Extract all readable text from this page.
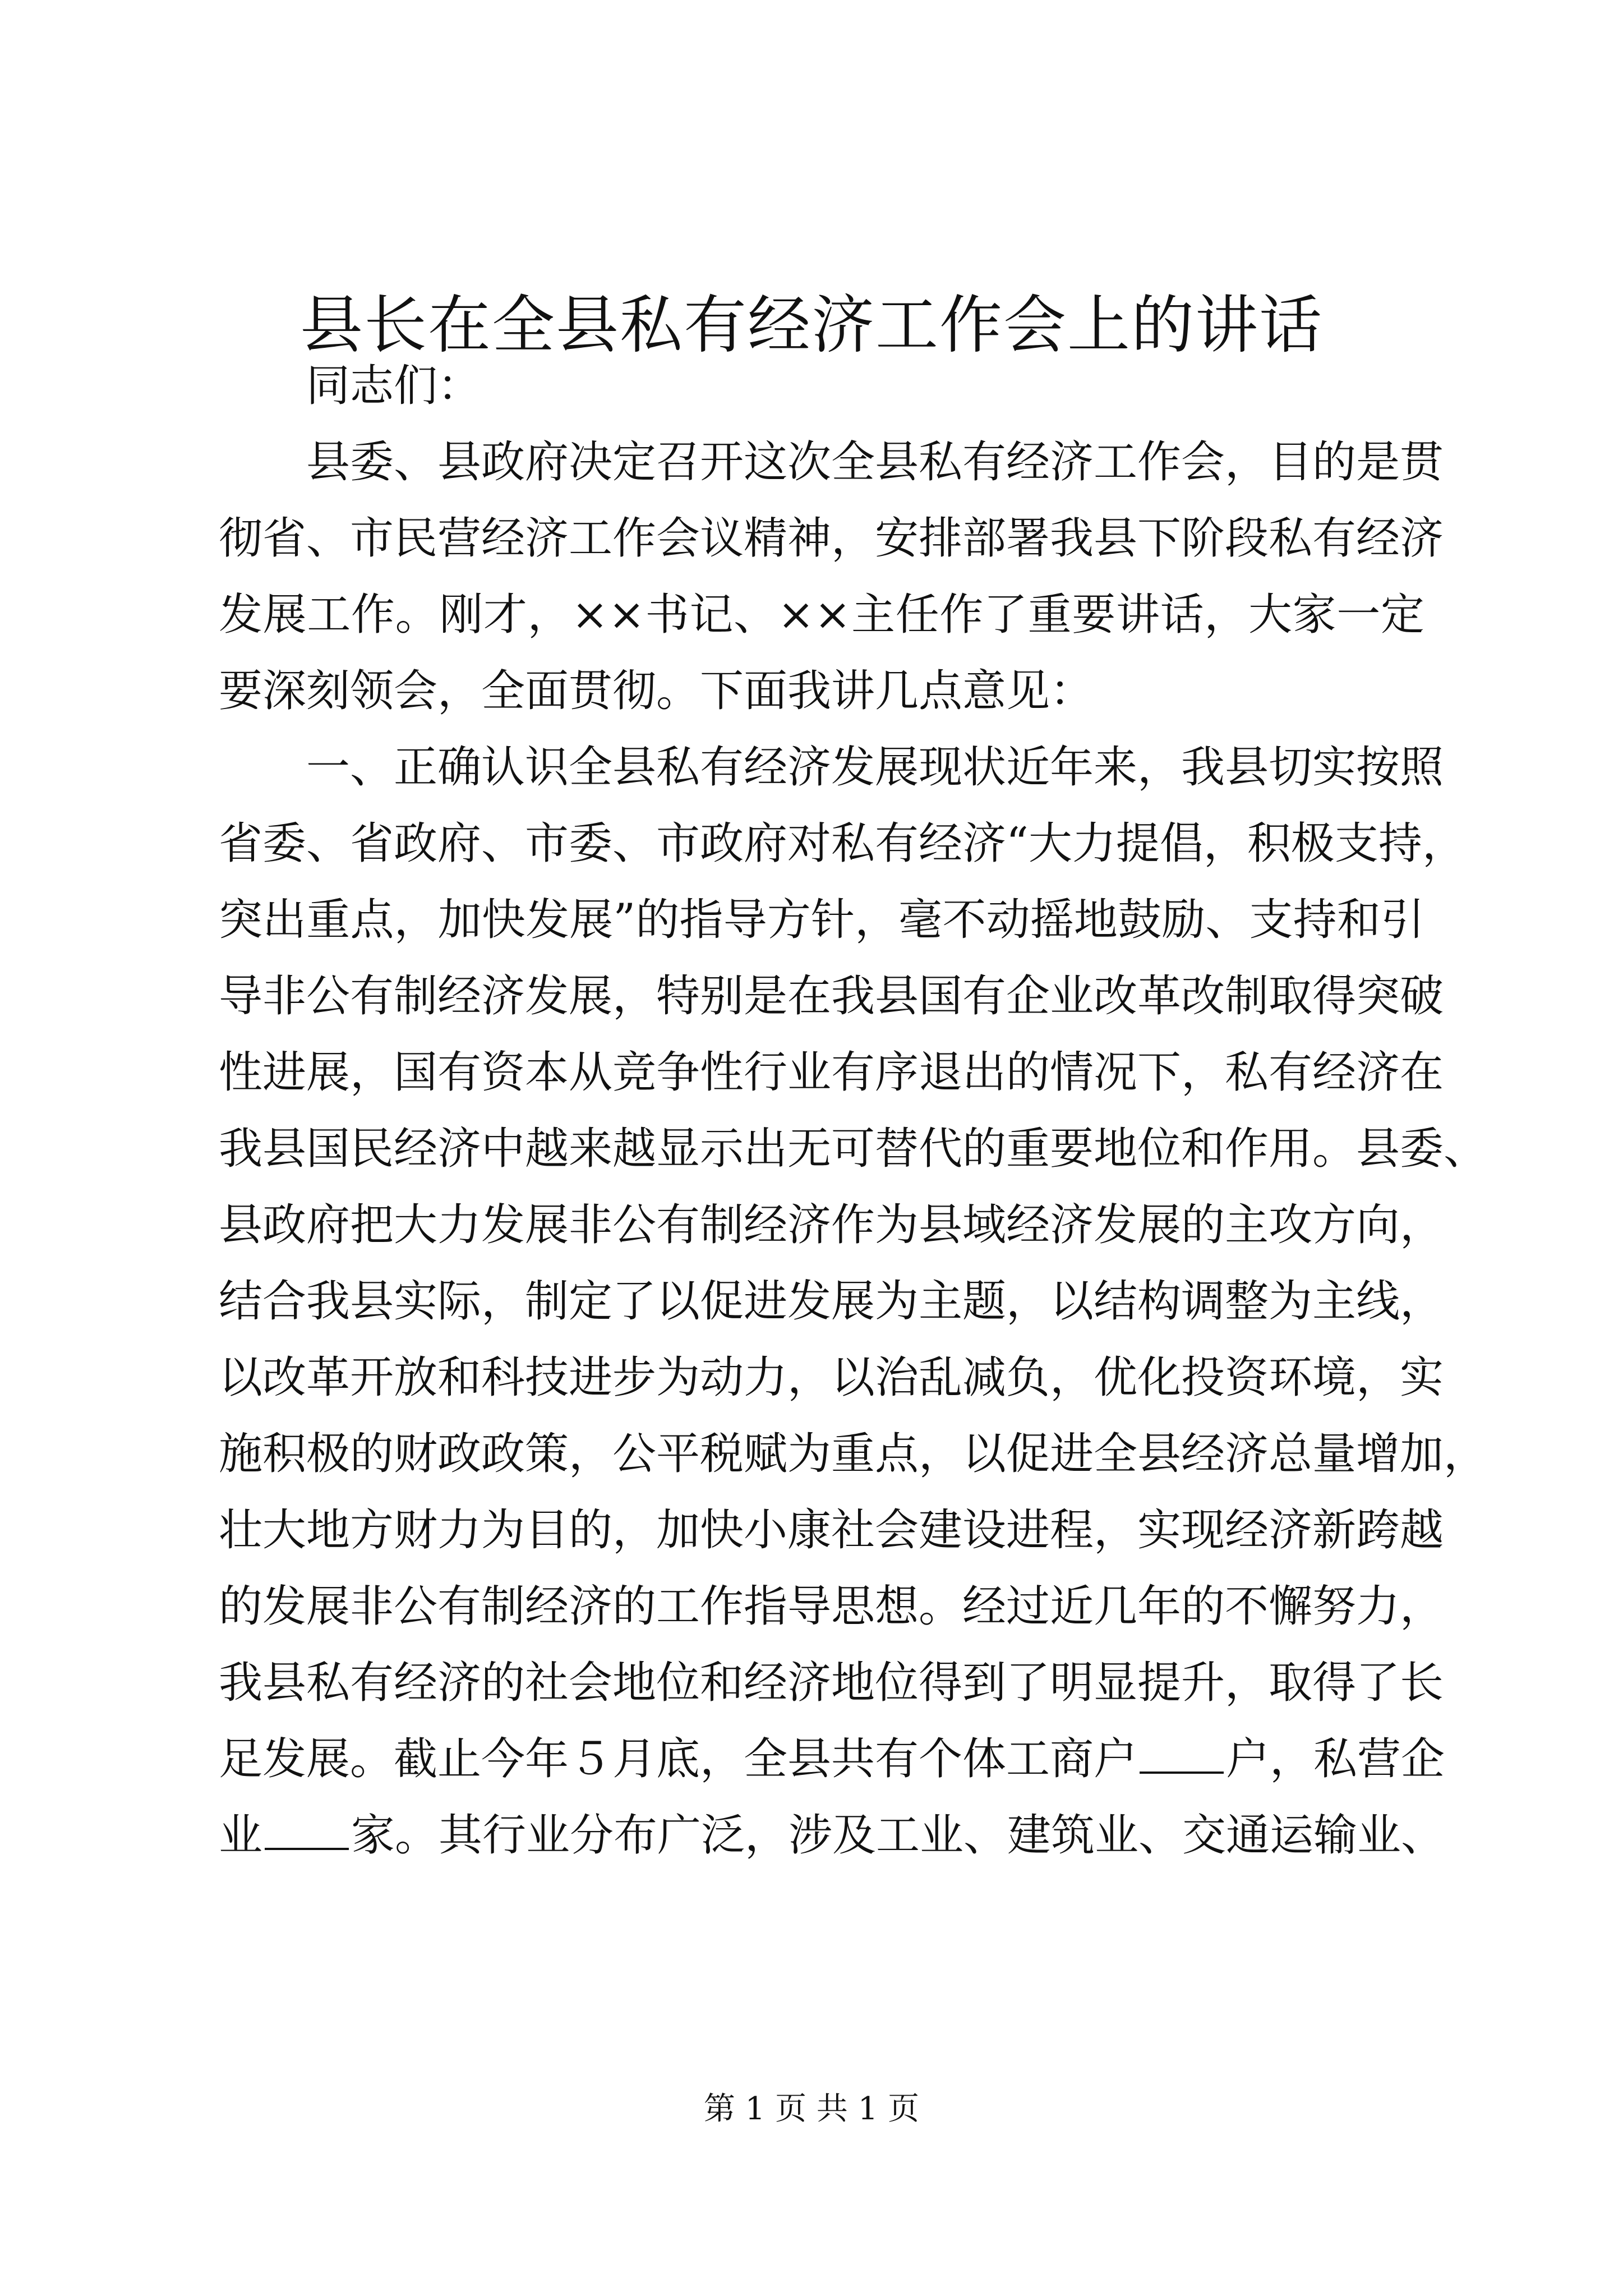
县长在全县私有经济工作会上的讲话
同志们：
县委、县政府决定召开这次全县私有经济工作会，目的是贯
彻省、市民营经济工作会议精神，安排部署我县下阶段私有经济
发展工作。刚才，××书记、××主任作了重要讲话，大家一定
要深刻领会，全面贯彻。下面我讲几点意见：
一、正确认识全县私有经济发展现状近年来，我县切实按照
省委、省政府、市委、市政府对私有经济“大力提倡，积极支持，
突出重点，加快发展”的指导方针，毫不动摇地鼓励、支持和引
导非公有制经济发展，特别是在我县国有企业改革改制取得突破
性进展，国有资本从竞争性行业有序退出的情况下，私有经济在
我县国民经济中越来越显示出无可替代的重要地位和作用。县委、
县政府把大力发展非公有制经济作为县域经济发展的主攻方向，
结合我县实际，制定了以促进发展为主题，以结构调整为主线，
以改革开放和科技进步为动力，以治乱减负，优化投资环境，实
施积极的财政政策，公平税赋为重点，以促进全县经济总量增加，
壮大地方财力为目的，加快小康社会建设进程，实现经济新跨越
的发展非公有制经济的工作指导思想。经过近几年的不懈努力，
我县私有经济的社会地位和经济地位得到了明显提升，取得了长
足发展。截止今年５月底，全县共有个体工商户 户，私营企
业 家。其行业分布广泛，涉及工业、建筑业、交通运输业、
第 1 页 共 1 页
